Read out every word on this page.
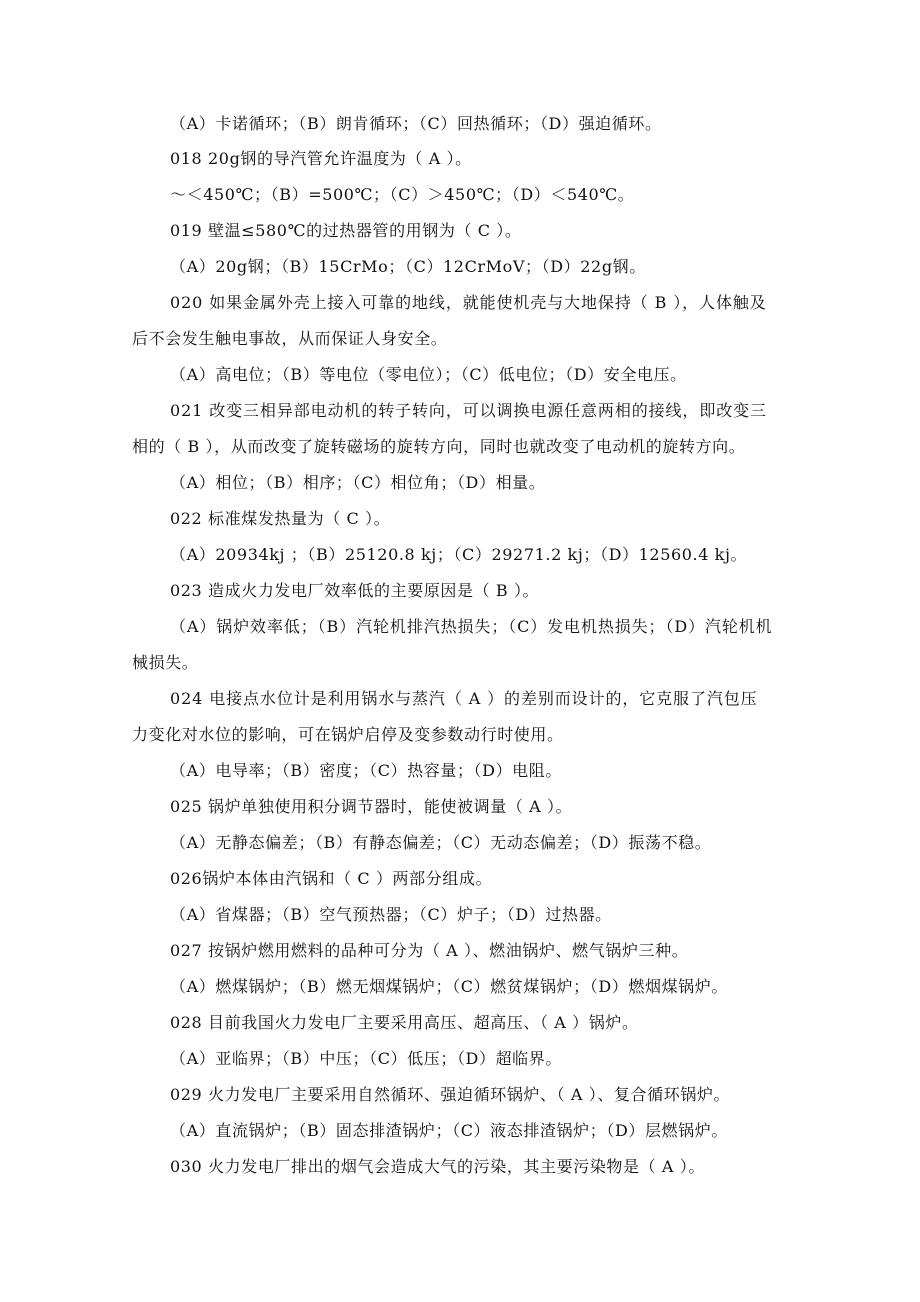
（A）卡诺循环；（B）朗肯循环；（C）回热循环；（D）强迫循环。
018 20g钢的导汽管允许温度为（ A ）。
～＜450℃；（B）=500℃；（C）＞450℃；（D）＜540℃。
019 壁温≤580℃的过热器管的用钢为（ C ）。
（A）20g钢；（B）15CrMo；（C）12CrMoV；（D）22g钢。
020 如果金属外壳上接入可靠的地线，就能使机壳与大地保持（ B ），人体触及
后不会发生触电事故，从而保证人身安全。
（A）高电位；（B）等电位（零电位）；（C）低电位；（D）安全电压。
021 改变三相异部电动机的转子转向，可以调换电源任意两相的接线，即改变三
相的（ B ），从而改变了旋转磁场的旋转方向，同时也就改变了电动机的旋转方向。
（A）相位；（B）相序；（C）相位角；（D）相量。
022 标准煤发热量为（ C ）。
（A）20934kj ；（B）25120.8 kj；（C）29271.2 kj；（D）12560.4 kj。
023 造成火力发电厂效率低的主要原因是（ B ）。
（A）锅炉效率低；（B）汽轮机排汽热损失；（C）发电机热损失；（D）汽轮机机
械损失。
024 电接点水位计是利用锅水与蒸汽（ A ）的差别而设计的，它克服了汽包压
力变化对水位的影响，可在锅炉启停及变参数动行时使用。
（A）电导率；（B）密度；（C）热容量；（D）电阻。
025 锅炉单独使用积分调节器时，能使被调量（ A ）。
（A）无静态偏差；（B）有静态偏差；（C）无动态偏差；（D）振荡不稳。
026锅炉本体由汽锅和（ C ）两部分组成。
（A）省煤器；（B）空气预热器；（C）炉子；（D）过热器。
027 按锅炉燃用燃料的品种可分为（ A ）、燃油锅炉、燃气锅炉三种。
（A）燃煤锅炉；（B）燃无烟煤锅炉；（C）燃贫煤锅炉；（D）燃烟煤锅炉。
028 目前我国火力发电厂主要采用高压、超高压、（ A ）锅炉。
（A）亚临界；（B）中压；（C）低压；（D）超临界。
029 火力发电厂主要采用自然循环、强迫循环锅炉、（ A ）、复合循环锅炉。
（A）直流锅炉；（B）固态排渣锅炉；（C）液态排渣锅炉；（D）层燃锅炉。
030 火力发电厂排出的烟气会造成大气的污染，其主要污染物是（ A ）。
